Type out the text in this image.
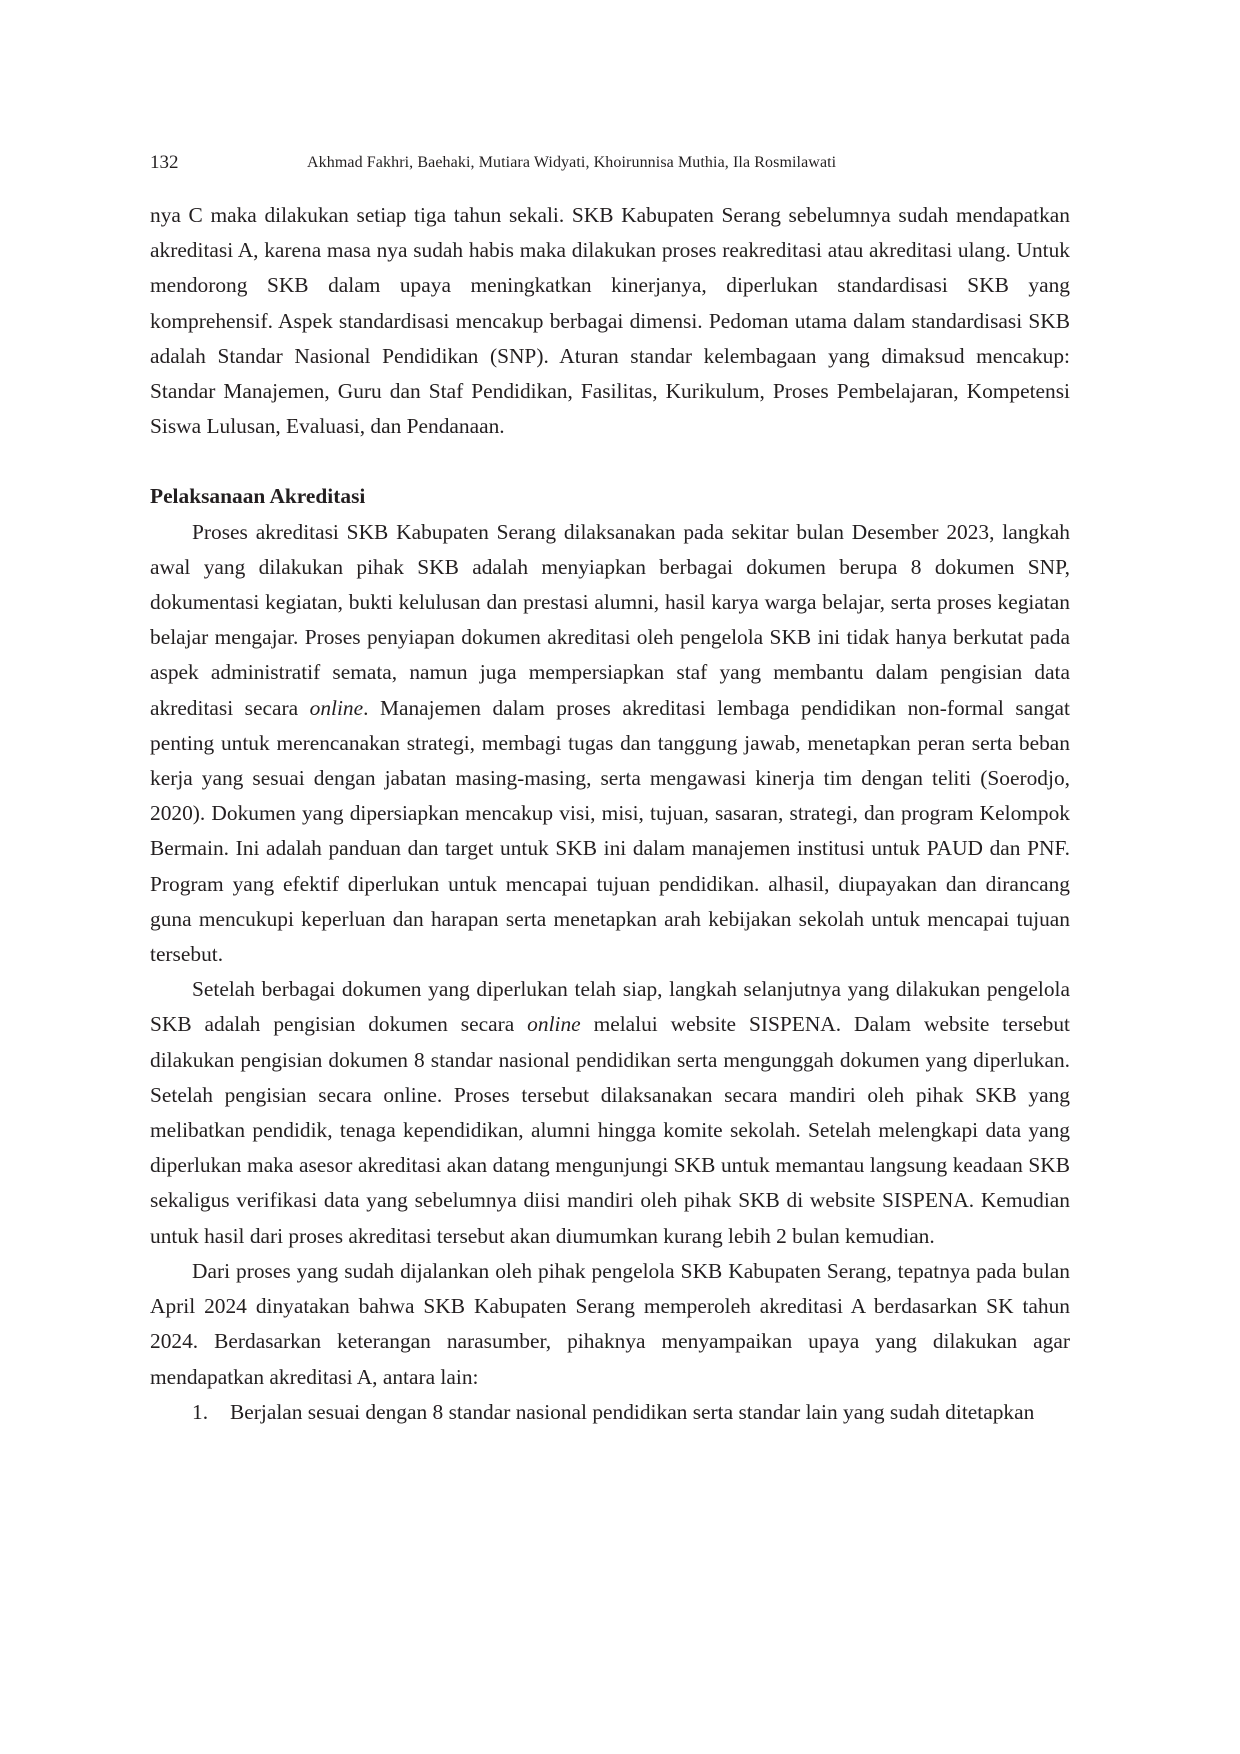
132	Akhmad Fakhri, Baehaki, Mutiara Widyati, Khoirunnisa Muthia, Ila Rosmilawati

nya C maka dilakukan setiap tiga tahun sekali. SKB Kabupaten Serang sebelumnya sudah mendapatkan akreditasi A, karena masa nya sudah habis maka dilakukan proses reakreditasi atau akreditasi ulang. Untuk mendorong SKB dalam upaya meningkatkan kinerjanya, diperlukan standardisasi SKB yang komprehensif. Aspek standardisasi mencakup berbagai dimensi. Pedoman utama dalam standardisasi SKB adalah Standar Nasional Pendidikan (SNP). Aturan standar kelembagaan yang dimaksud mencakup: Standar Manajemen, Guru dan Staf Pendidikan, Fasilitas, Kurikulum, Proses Pembelajaran, Kompetensi Siswa Lulusan, Evaluasi, dan Pendanaan.

Pelaksanaan Akreditasi

Proses akreditasi SKB Kabupaten Serang dilaksanakan pada sekitar bulan Desember 2023, langkah awal yang dilakukan pihak SKB adalah menyiapkan berbagai dokumen berupa 8 dokumen SNP, dokumentasi kegiatan, bukti kelulusan dan prestasi alumni, hasil karya warga belajar, serta proses kegiatan belajar mengajar. Proses penyiapan dokumen akreditasi oleh pengelola SKB ini tidak hanya berkutat pada aspek administratif semata, namun juga mempersiapkan staf yang membantu dalam pengisian data akreditasi secara online. Manajemen dalam proses akreditasi lembaga pendidikan non-formal sangat penting untuk merencanakan strategi, membagi tugas dan tanggung jawab, menetapkan peran serta beban kerja yang sesuai dengan jabatan masing-masing, serta mengawasi kinerja tim dengan teliti (Soerodjo, 2020). Dokumen yang dipersiapkan mencakup visi, misi, tujuan, sasaran, strategi, dan program Kelompok Bermain. Ini adalah panduan dan target untuk SKB ini dalam manajemen institusi untuk PAUD dan PNF. Program yang efektif diperlukan untuk mencapai tujuan pendidikan. alhasil, diupayakan dan dirancang guna mencukupi keperluan dan harapan serta menetapkan arah kebijakan sekolah untuk mencapai tujuan tersebut.

Setelah berbagai dokumen yang diperlukan telah siap, langkah selanjutnya yang dilakukan pengelola SKB adalah pengisian dokumen secara online melalui website SISPENA. Dalam website tersebut dilakukan pengisian dokumen 8 standar nasional pendidikan serta mengunggah dokumen yang diperlukan. Setelah pengisian secara online. Proses tersebut dilaksanakan secara mandiri oleh pihak SKB yang melibatkan pendidik, tenaga kependidikan, alumni hingga komite sekolah. Setelah melengkapi data yang diperlukan maka asesor akreditasi akan datang mengunjungi SKB untuk memantau langsung keadaan SKB sekaligus verifikasi data yang sebelumnya diisi mandiri oleh pihak SKB di website SISPENA. Kemudian untuk hasil dari proses akreditasi tersebut akan diumumkan kurang lebih 2 bulan kemudian.

Dari proses yang sudah dijalankan oleh pihak pengelola SKB Kabupaten Serang, tepatnya pada bulan April 2024 dinyatakan bahwa SKB Kabupaten Serang memperoleh akreditasi A berdasarkan SK tahun 2024. Berdasarkan keterangan narasumber, pihaknya menyampaikan upaya yang dilakukan agar mendapatkan akreditasi A, antara lain:

1. Berjalan sesuai dengan 8 standar nasional pendidikan serta standar lain yang sudah ditetapkan
